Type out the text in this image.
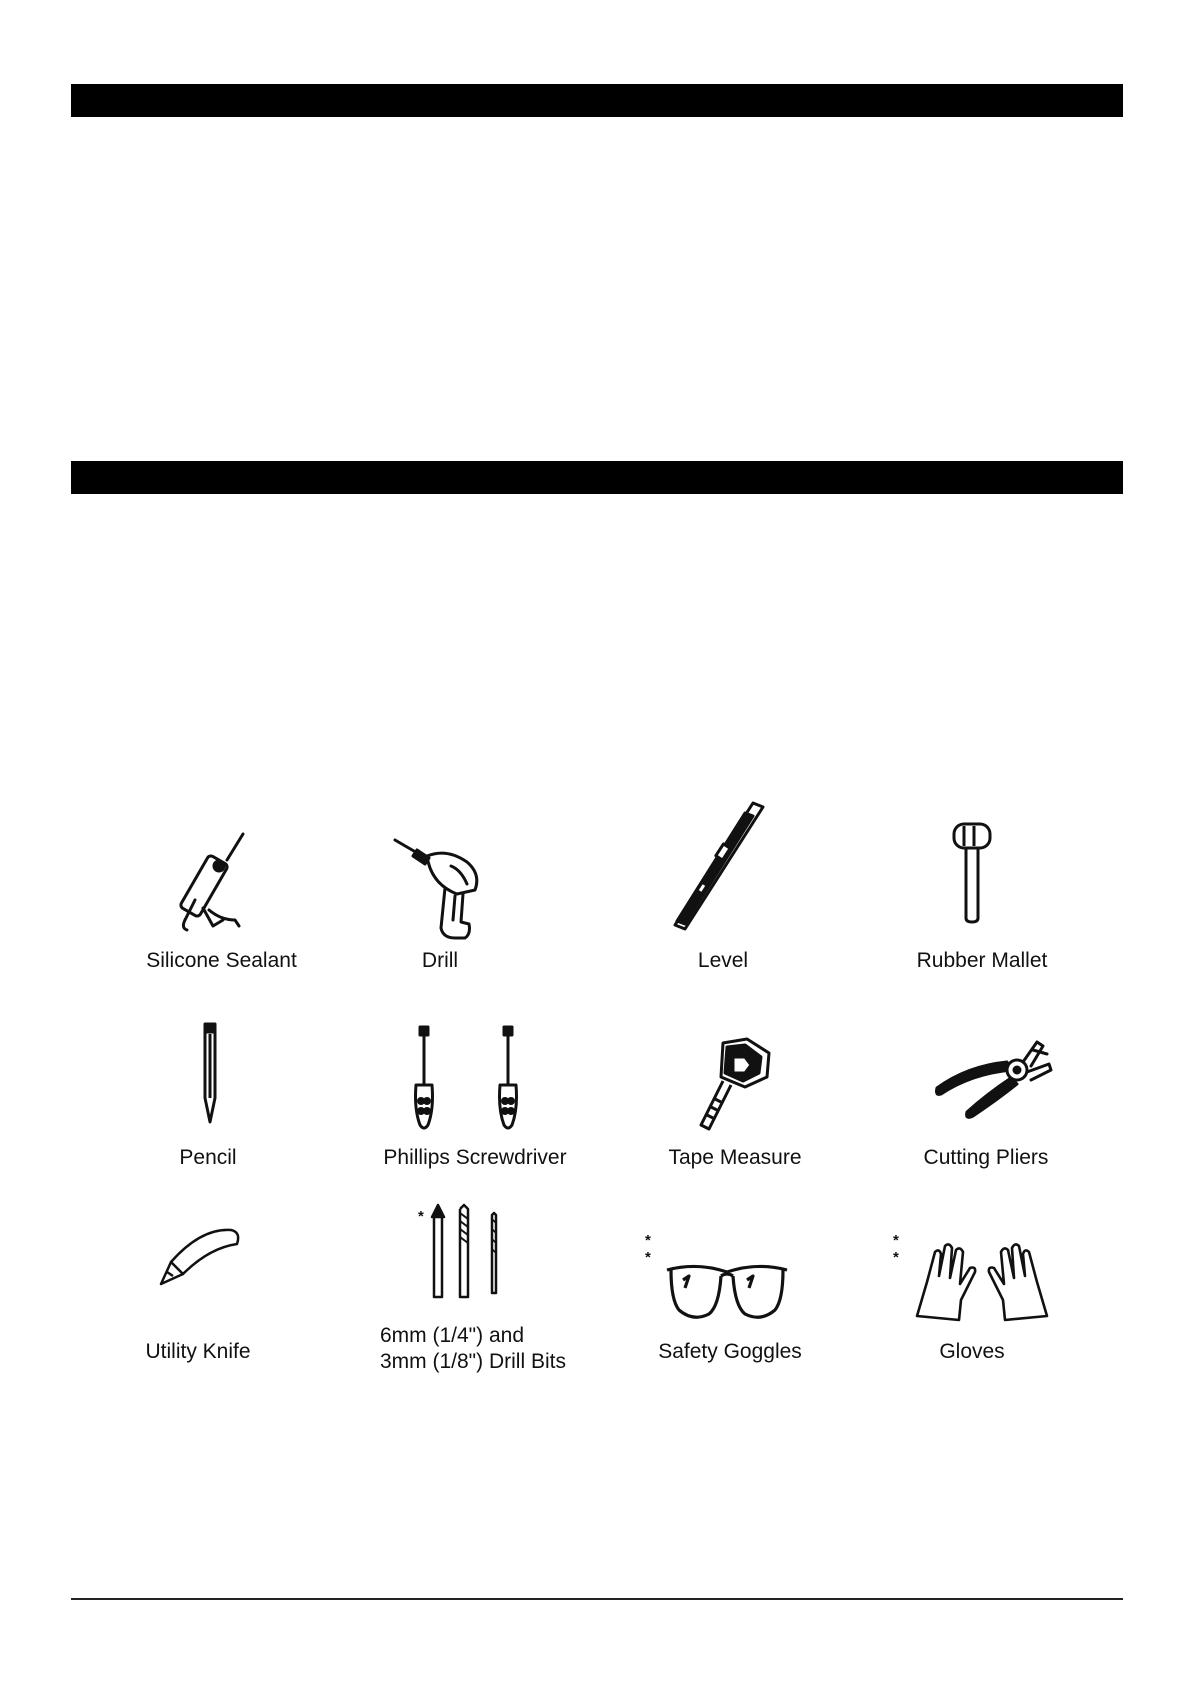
Silicone Sealant	Drill	Level	Rubber Mallet
Pencil	Phillips Screwdriver	Tape Measure	Cutting Pliers
Utility Knife
*
6mm (1/4") and
3mm (1/8") Drill Bits
* *
Safety Goggles
* *
Gloves
